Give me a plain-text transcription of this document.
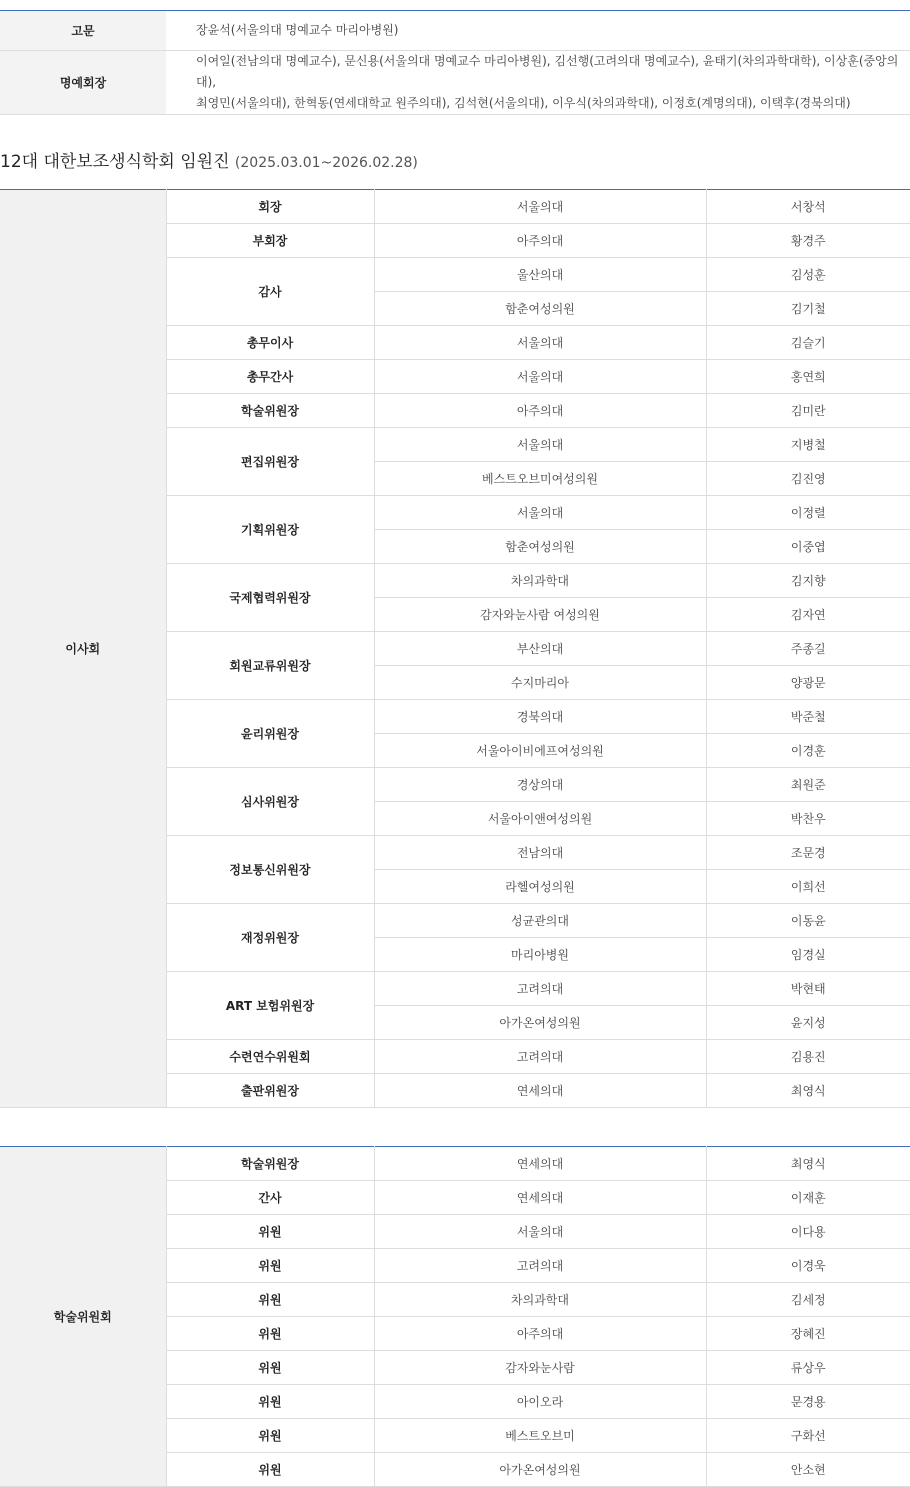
고문	장윤석(서울의대 명예교수 마리아병원)
명예회장	이여일(전남의대 명예교수), 문신용(서울의대 명예교수 마리아병원), 김선행(고려의대 명예교수), 윤태기(차의과학대학), 이상훈(중앙의대),
최영민(서울의대), 한혁동(연세대학교 원주의대), 김석현(서울의대), 이우식(차의과학대), 이정호(계명의대), 이택후(경북의대)
12대 대한보조생식학회 임원진 (2025.03.01~2026.02.28)
이사회	회장	서울의대	서창석
	부회장	아주의대	황경주
	감사	울산의대	김성훈
		함춘여성의원	김기철
	총무이사	서울의대	김슬기
	총무간사	서울의대	홍연희
	학술위원장	아주의대	김미란
	편집위원장	서울의대	지병철
		베스트오브미여성의원	김진영
	기획위원장	서울의대	이정렬
		함춘여성의원	이중엽
	국제협력위원장	차의과학대	김지향
		감자와눈사람 여성의원	김자연
	회원교류위원장	부산의대	주종길
		수지마리아	양광문
	윤리위원장	경북의대	박준철
		서울아이비에프여성의원	이경훈
	심사위원장	경상의대	최원준
		서울아이앤여성의원	박찬우
	정보통신위원장	전남의대	조문경
		라헬여성의원	이희선
	재정위원장	성균관의대	이동윤
		마리아병원	임경실
	ART 보험위원장	고려의대	박현태
		아가온여성의원	윤지성
	수련연수위원회	고려의대	김용진
	출판위원장	연세의대	최영식
학술위원회	학술위원장	연세의대	최영식
	간사	연세의대	이재훈
	위원	서울의대	이다용
	위원	고려의대	이경욱
	위원	차의과학대	김세정
	위원	아주의대	장혜진
	위원	감자와눈사람	류상우
	위원	아이오라	문경용
	위원	베스트오브미	구화선
	위원	아가온여성의원	안소현
